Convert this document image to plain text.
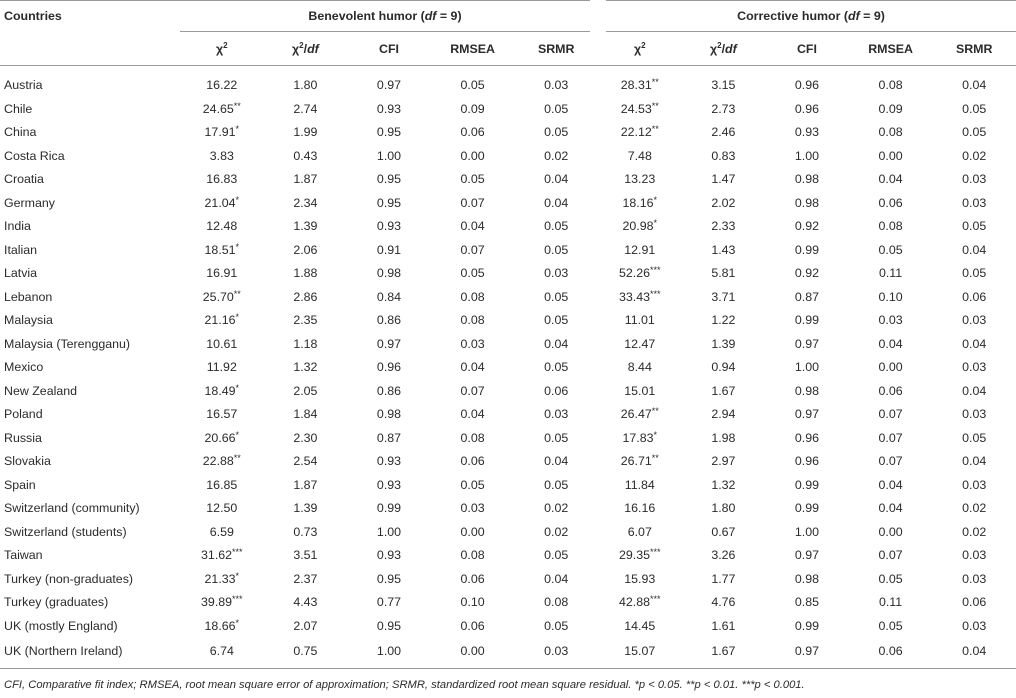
Countries	Benevolent humor (df = 9)					Corrective humor (df = 9)				
	$\chi^2$	$\chi^2/df$	CFI	RMSEA	SRMR	$\chi^2$	$\chi^2/df$	CFI	RMSEA	SRMR
Austria	16.22	1.80	0.97	0.05	0.03	28.31**	3.15	0.96	0.08	0.04
Chile	24.65**	2.74	0.93	0.09	0.05	24.53**	2.73	0.96	0.09	0.05
China	17.91*	1.99	0.95	0.06	0.05	22.12**	2.46	0.93	0.08	0.05
Costa Rica	3.83	0.43	1.00	0.00	0.02	7.48	0.83	1.00	0.00	0.02
Croatia	16.83	1.87	0.95	0.05	0.04	13.23	1.47	0.98	0.04	0.03
Germany	21.04*	2.34	0.95	0.07	0.04	18.16*	2.02	0.98	0.06	0.03
India	12.48	1.39	0.93	0.04	0.05	20.98*	2.33	0.92	0.08	0.05
Italian	18.51*	2.06	0.91	0.07	0.05	12.91	1.43	0.99	0.05	0.04
Latvia	16.91	1.88	0.98	0.05	0.03	52.26***	5.81	0.92	0.11	0.05
Lebanon	25.70**	2.86	0.84	0.08	0.05	33.43***	3.71	0.87	0.10	0.06
Malaysia	21.16*	2.35	0.86	0.08	0.05	11.01	1.22	0.99	0.03	0.03
Malaysia (Terengganu)	10.61	1.18	0.97	0.03	0.04	12.47	1.39	0.97	0.04	0.04
Mexico	11.92	1.32	0.96	0.04	0.05	8.44	0.94	1.00	0.00	0.03
New Zealand	18.49*	2.05	0.86	0.07	0.06	15.01	1.67	0.98	0.06	0.04
Poland	16.57	1.84	0.98	0.04	0.03	26.47**	2.94	0.97	0.07	0.03
Russia	20.66*	2.30	0.87	0.08	0.05	17.83*	1.98	0.96	0.07	0.05
Slovakia	22.88**	2.54	0.93	0.06	0.04	26.71**	2.97	0.96	0.07	0.04
Spain	16.85	1.87	0.93	0.05	0.05	11.84	1.32	0.99	0.04	0.03
Switzerland (community)	12.50	1.39	0.99	0.03	0.02	16.16	1.80	0.99	0.04	0.02
Switzerland (students)	6.59	0.73	1.00	0.00	0.02	6.07	0.67	1.00	0.00	0.02
Taiwan	31.62***	3.51	0.93	0.08	0.05	29.35***	3.26	0.97	0.07	0.03
Turkey (non-graduates)	21.33*	2.37	0.95	0.06	0.04	15.93	1.77	0.98	0.05	0.03
Turkey (graduates)	39.89***	4.43	0.77	0.10	0.08	42.88***	4.76	0.85	0.11	0.06
UK (mostly England)	18.66*	2.07	0.95	0.06	0.05	14.45	1.61	0.99	0.05	0.03
UK (Northern Ireland)	6.74	0.75	1.00	0.00	0.03	15.07	1.67	0.97	0.06	0.04
CFI, Comparative fit index; RMSEA, root mean square error of approximation; SRMR, standardized root mean square residual. *p < 0.05. **p < 0.01. ***p < 0.001.
